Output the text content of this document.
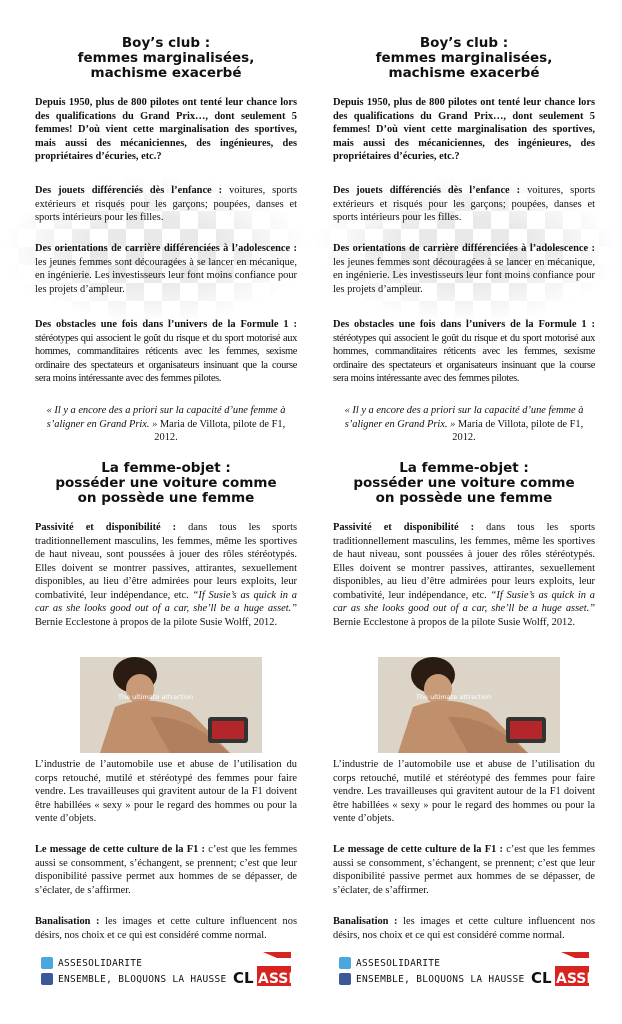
Boy’s club :
femmes marginalisées,
machisme exacerbé

Depuis 1950, plus de 800 pilotes ont tenté leur chance lors des qualifications du Grand Prix…, dont seulement 5 femmes! D’où vient cette marginalisation des sportives, mais aussi des mécaniciennes, des ingénieures, des propriétaires d’écuries, etc.?

Des jouets différenciés dès l’enfance : voitures, sports extérieurs et risqués pour les garçons; poupées, danses et sports intérieurs pour les filles.

Des orientations de carrière différenciées à l’adolescence : les jeunes femmes sont découragées à se lancer en mécanique, en ingénierie. Les investisseurs leur font moins confiance pour les projets d’ampleur.

Des obstacles une fois dans l’univers de la Formule 1 : stéréotypes qui associent le goût du risque et du sport motorisé aux hommes, commanditaires réticents avec les femmes, sexisme ordinaire des spectateurs et organisateurs insinuant que la course sera moins intéressante avec des femmes pilotes.

« Il y a encore des a priori sur la capacité d’une femme à s’aligner en Grand Prix. » Maria de Villota, pilote de F1, 2012.

La femme-objet :
posséder une voiture comme
on possède une femme

Passivité et disponibilité : dans tous les sports traditionnellement masculins, les femmes, même les sportives de haut niveau, sont poussées à jouer des rôles stéréotypés. Elles doivent se montrer passives, attirantes, sexuellement disponibles, au lieu d’être admirées pour leurs exploits, leur combativité, leur indépendance, etc. “If Susie’s as quick in a car as she looks good out of a car, she’ll be a huge asset.” Bernie Ecclestone à propos de la pilote Susie Wolff, 2012.

The ultimate attraction

L’industrie de l’automobile use et abuse de l’utilisation du corps retouché, mutilé et stéréotypé des femmes pour faire vendre. Les travailleuses qui gravitent autour de la F1 doivent être habillées « sexy » pour le regard des hommes ou pour la vente d’objets.

Le message de cette culture de la F1 : c’est que les femmes aussi se consomment, s’échangent, se prennent; c’est que leur disponibilité passive permet aux hommes de se dépasser, de s’éclater, de s’affirmer.

Banalisation : les images et cette culture influencent nos désirs, nos choix et ce qui est considéré comme normal.

ASSESOLIDARITE
ENSEMBLE, BLOQUONS LA HAUSSE CL ASSE
Boy’s club :
femmes marginalisées,
machisme exacerbé

Depuis 1950, plus de 800 pilotes ont tenté leur chance lors des qualifications du Grand Prix…, dont seulement 5 femmes! D’où vient cette marginalisation des sportives, mais aussi des mécaniciennes, des ingénieures, des propriétaires d’écuries, etc.?

Des jouets différenciés dès l’enfance : voitures, sports extérieurs et risqués pour les garçons; poupées, danses et sports intérieurs pour les filles.

Des orientations de carrière différenciées à l’adolescence : les jeunes femmes sont découragées à se lancer en mécanique, en ingénierie. Les investisseurs leur font moins confiance pour les projets d’ampleur.

Des obstacles une fois dans l’univers de la Formule 1 : stéréotypes qui associent le goût du risque et du sport motorisé aux hommes, commanditaires réticents avec les femmes, sexisme ordinaire des spectateurs et organisateurs insinuant que la course sera moins intéressante avec des femmes pilotes.

« Il y a encore des a priori sur la capacité d’une femme à s’aligner en Grand Prix. » Maria de Villota, pilote de F1, 2012.

La femme-objet :
posséder une voiture comme
on possède une femme

Passivité et disponibilité : dans tous les sports traditionnellement masculins, les femmes, même les sportives de haut niveau, sont poussées à jouer des rôles stéréotypés. Elles doivent se montrer passives, attirantes, sexuellement disponibles, au lieu d’être admirées pour leurs exploits, leur combativité, leur indépendance, etc. “If Susie’s as quick in a car as she looks good out of a car, she’ll be a huge asset.” Bernie Ecclestone à propos de la pilote Susie Wolff, 2012.

The ultimate attraction

L’industrie de l’automobile use et abuse de l’utilisation du corps retouché, mutilé et stéréotypé des femmes pour faire vendre. Les travailleuses qui gravitent autour de la F1 doivent être habillées « sexy » pour le regard des hommes ou pour la vente d’objets.

Le message de cette culture de la F1 : c’est que les femmes aussi se consomment, s’échangent, se prennent; c’est que leur disponibilité passive permet aux hommes de se dépasser, de s’éclater, de s’affirmer.

Banalisation : les images et cette culture influencent nos désirs, nos choix et ce qui est considéré comme normal.

ASSESOLIDARITE
ENSEMBLE, BLOQUONS LA HAUSSE CL ASSE
